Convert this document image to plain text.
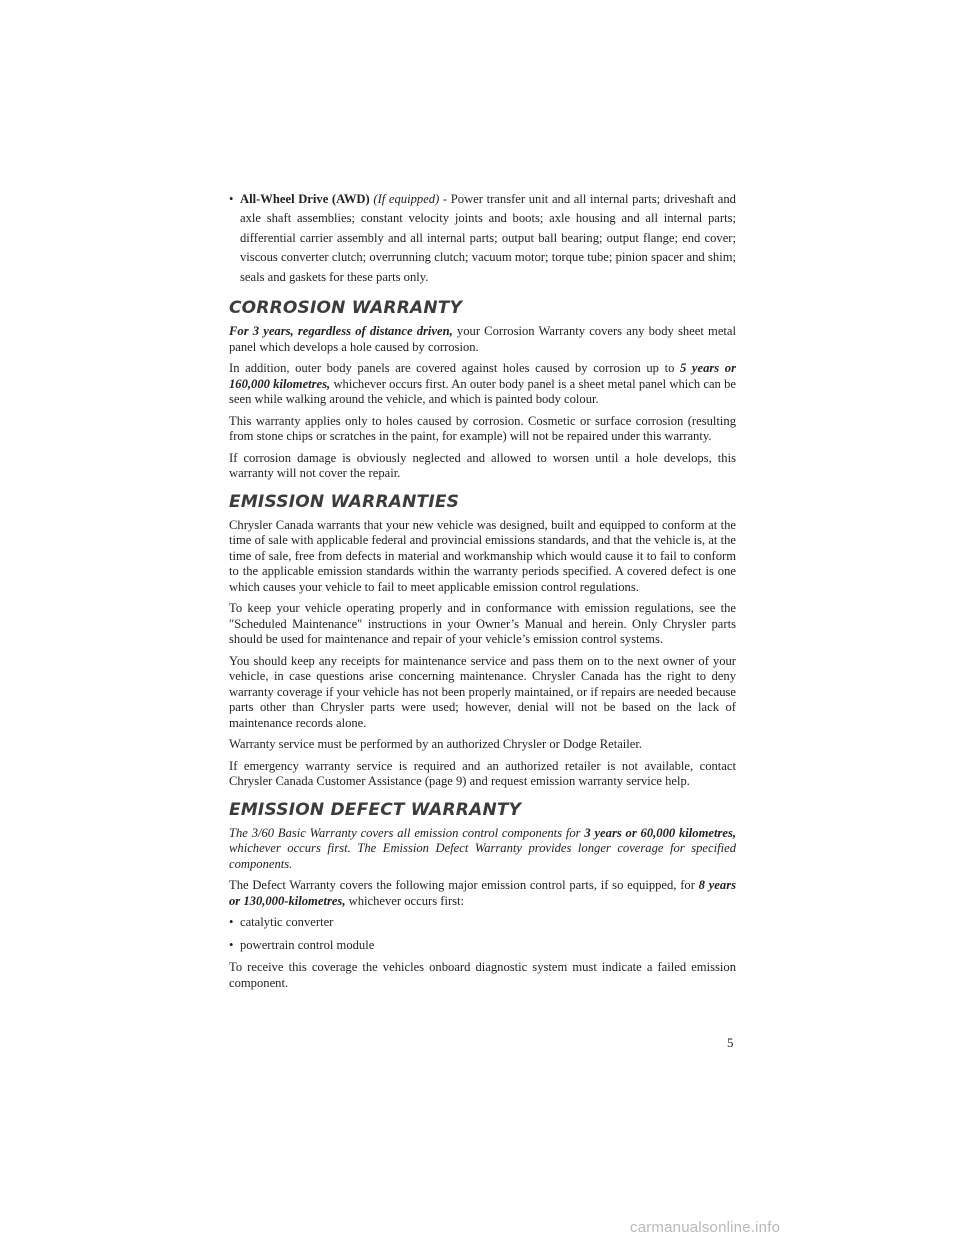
• All-Wheel Drive (AWD) (If equipped) - Power transfer unit and all internal parts; driveshaft and axle shaft assemblies; constant velocity joints and boots; axle housing and all internal parts; differential carrier assembly and all internal parts; output ball bearing; output flange; end cover; viscous converter clutch; overrunning clutch; vacuum motor; torque tube; pinion spacer and shim; seals and gaskets for these parts only.
CORROSION WARRANTY

For 3 years, regardless of distance driven, your Corrosion Warranty covers any body sheet metal panel which develops a hole caused by corrosion.

In addition, outer body panels are covered against holes caused by corrosion up to 5 years or 160,000 kilometres, whichever occurs first. An outer body panel is a sheet metal panel which can be seen while walking around the vehicle, and which is painted body colour.

This warranty applies only to holes caused by corrosion. Cosmetic or surface corrosion (resulting from stone chips or scratches in the paint, for example) will not be repaired under this warranty.

If corrosion damage is obviously neglected and allowed to worsen until a hole develops, this warranty will not cover the repair.

EMISSION WARRANTIES

Chrysler Canada warrants that your new vehicle was designed, built and equipped to conform at the time of sale with applicable federal and provincial emissions standards, and that the vehicle is, at the time of sale, free from defects in material and workmanship which would cause it to fail to conform to the applicable emission standards within the warranty periods specified. A covered defect is one which causes your vehicle to fail to meet applicable emission control regulations.

To keep your vehicle operating properly and in conformance with emission regulations, see the ″Scheduled Maintenance″ instructions in your Owner’s Manual and herein. Only Chrysler parts should be used for maintenance and repair of your vehicle’s emission control systems.

You should keep any receipts for maintenance service and pass them on to the next owner of your vehicle, in case questions arise concerning maintenance. Chrysler Canada has the right to deny warranty coverage if your vehicle has not been properly maintained, or if repairs are needed because parts other than Chrysler parts were used; however, denial will not be based on the lack of maintenance records alone.

Warranty service must be performed by an authorized Chrysler or Dodge Retailer.

If emergency warranty service is required and an authorized retailer is not available, contact Chrysler Canada Customer Assistance (page 9) and request emission warranty service help.

EMISSION DEFECT WARRANTY

The 3/60 Basic Warranty covers all emission control components for 3 years or 60,000 kilometres, whichever occurs first. The Emission Defect Warranty provides longer coverage for specified components.

The Defect Warranty covers the following major emission control parts, if so equipped, for 8 years or 130,000-kilometres, whichever occurs first:

• catalytic converter
• powertrain control module

To receive this coverage the vehicles onboard diagnostic system must indicate a failed emission component.

5
carmanualsonline.info
